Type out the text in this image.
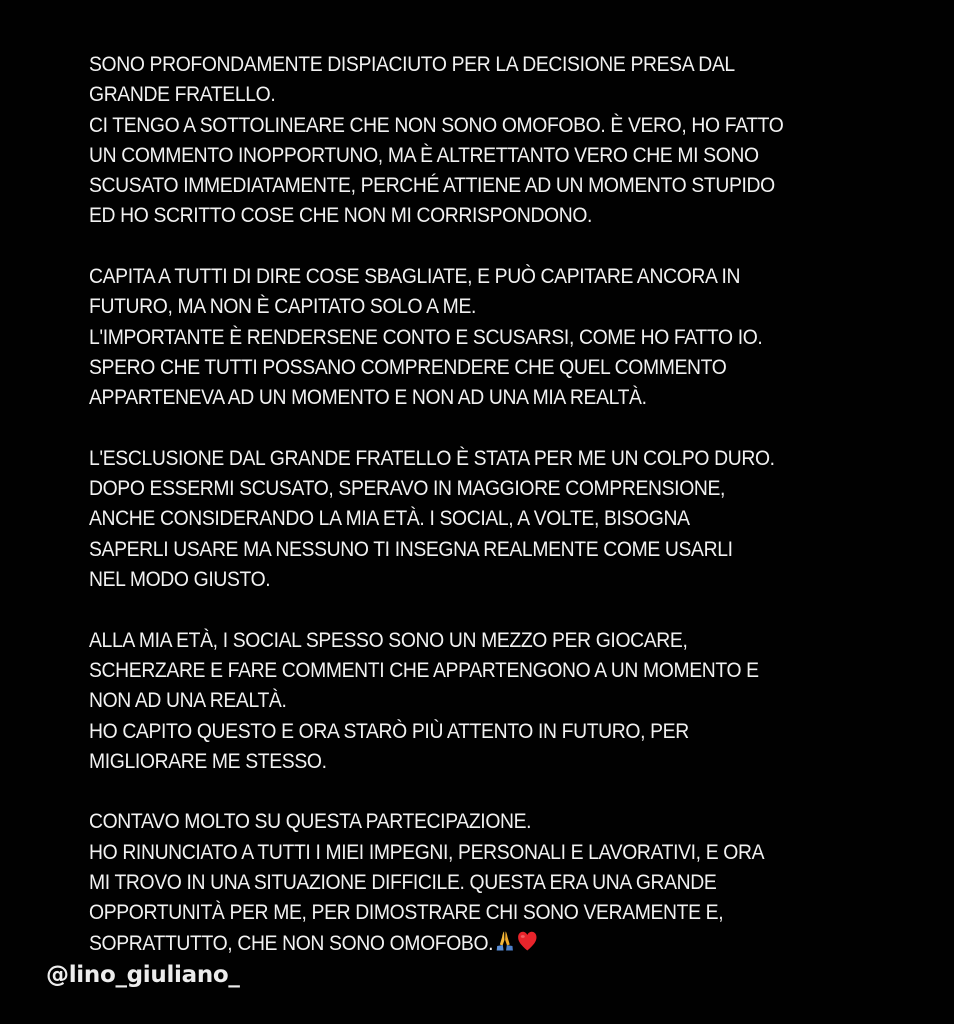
SONO PROFONDAMENTE DISPIACIUTO PER LA DECISIONE PRESA DAL
GRANDE FRATELLO.
CI TENGO A SOTTOLINEARE CHE NON SONO OMOFOBO. È VERO, HO FATTO
UN COMMENTO INOPPORTUNO, MA È ALTRETTANTO VERO CHE MI SONO
SCUSATO IMMEDIATAMENTE, PERCHÉ ATTIENE AD UN MOMENTO STUPIDO
ED HO SCRITTO COSE CHE NON MI CORRISPONDONO.
CAPITA A TUTTI DI DIRE COSE SBAGLIATE, E PUÒ CAPITARE ANCORA IN
FUTURO, MA NON È CAPITATO SOLO A ME.
L'IMPORTANTE È RENDERSENE CONTO E SCUSARSI, COME HO FATTO IO.
SPERO CHE TUTTI POSSANO COMPRENDERE CHE QUEL COMMENTO
APPARTENEVA AD UN MOMENTO E NON AD UNA MIA REALTÀ.
L'ESCLUSIONE DAL GRANDE FRATELLO È STATA PER ME UN COLPO DURO.
DOPO ESSERMI SCUSATO, SPERAVO IN MAGGIORE COMPRENSIONE,
ANCHE CONSIDERANDO LA MIA ETÀ. I SOCIAL, A VOLTE, BISOGNA
SAPERLI USARE MA NESSUNO TI INSEGNA REALMENTE COME USARLI
NEL MODO GIUSTO.
ALLA MIA ETÀ, I SOCIAL SPESSO SONO UN MEZZO PER GIOCARE,
SCHERZARE E FARE COMMENTI CHE APPARTENGONO A UN MOMENTO E
NON AD UNA REALTÀ.
HO CAPITO QUESTO E ORA STARÒ PIÙ ATTENTO IN FUTURO, PER
MIGLIORARE ME STESSO.
CONTAVO MOLTO SU QUESTA PARTECIPAZIONE.
HO RINUNCIATO A TUTTI I MIEI IMPEGNI, PERSONALI E LAVORATIVI, E ORA
MI TROVO IN UNA SITUAZIONE DIFFICILE. QUESTA ERA UNA GRANDE
OPPORTUNITÀ PER ME, PER DIMOSTRARE CHI SONO VERAMENTE E,
SOPRATTUTTO, CHE NON SONO OMOFOBO.
@lino_giuliano_
